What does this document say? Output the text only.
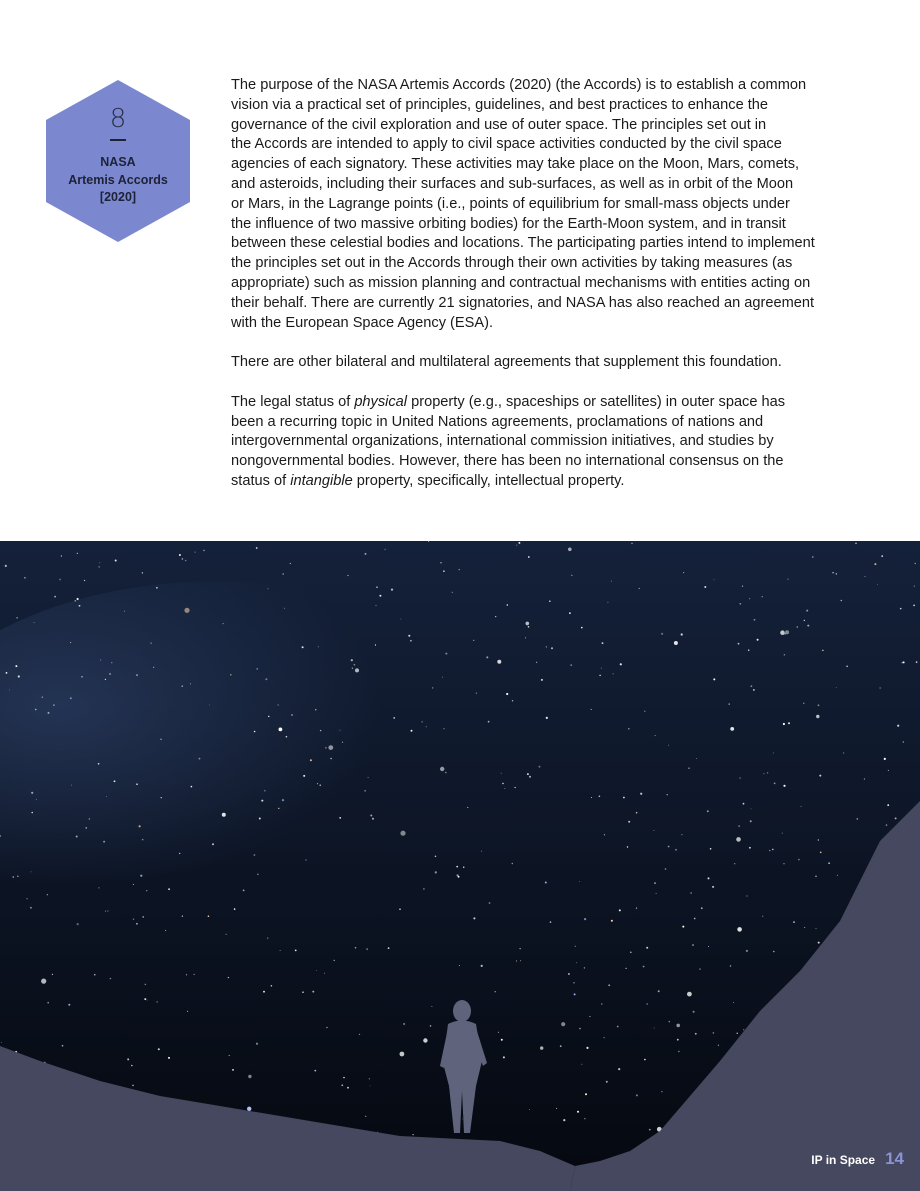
8
NASA
Artemis Accords
[2020]

The purpose of the NASA Artemis Accords (2020) (the Accords) is to establish a common
vision via a practical set of principles, guidelines, and best practices to enhance the
governance of the civil exploration and use of outer space. The principles set out in
the Accords are intended to apply to civil space activities conducted by the civil space
agencies of each signatory. These activities may take place on the Moon, Mars, comets,
and asteroids, including their surfaces and sub-surfaces, as well as in orbit of the Moon
or Mars, in the Lagrange points (i.e., points of equilibrium for small-mass objects under
the influence of two massive orbiting bodies) for the Earth-Moon system, and in transit
between these celestial bodies and locations. The participating parties intend to implement
the principles set out in the Accords through their own activities by taking measures (as
appropriate) such as mission planning and contractual mechanisms with entities acting on
their behalf. There are currently 21 signatories, and NASA has also reached an agreement
with the European Space Agency (ESA).

There are other bilateral and multilateral agreements that supplement this foundation.

The legal status of physical property (e.g., spaceships or satellites) in outer space has
been a recurring topic in United Nations agreements, proclamations of nations and
intergovernmental organizations, international commission initiatives, and studies by
nongovernmental bodies. However, there has been no international consensus on the
status of intangible property, specifically, intellectual property.

IP in Space 14
